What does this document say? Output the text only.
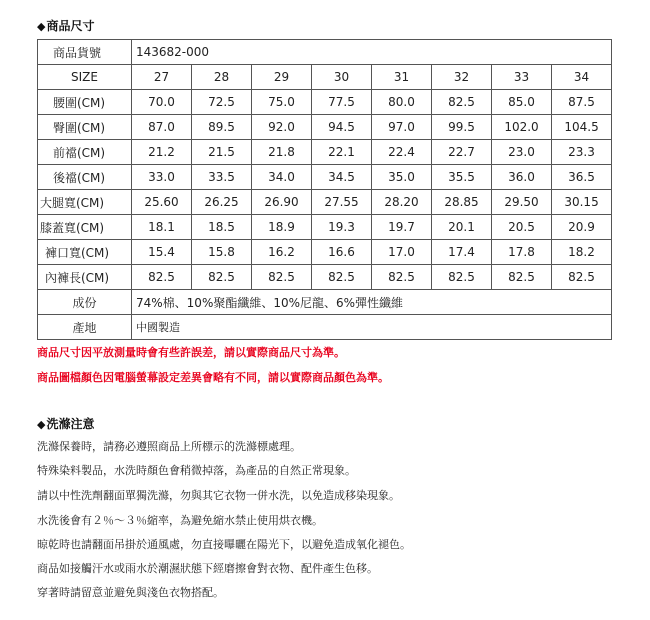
◆商品尺寸
商品貨號	143682-000							
SIZE	27	28	29	30	31	32	33	34
腰圍(CM)	70.0	72.5	75.0	77.5	80.0	82.5	85.0	87.5
臀圍(CM)	87.0	89.5	92.0	94.5	97.0	99.5	102.0	104.5
前襠(CM)	21.2	21.5	21.8	22.1	22.4	22.7	23.0	23.3
後襠(CM)	33.0	33.5	34.0	34.5	35.0	35.5	36.0	36.5
大腿寬(CM)	25.60	26.25	26.90	27.55	28.20	28.85	29.50	30.15
膝蓋寬(CM)	18.1	18.5	18.9	19.3	19.7	20.1	20.5	20.9
褲口寬(CM)	15.4	15.8	16.2	16.6	17.0	17.4	17.8	18.2
內褲長(CM)	82.5	82.5	82.5	82.5	82.5	82.5	82.5	82.5
成份	74%棉、10%聚酯纖維、10%尼龍、6%彈性纖維							
產地	中國製造							
商品尺寸因平放測量時會有些許誤差，請以實際商品尺寸為準。
商品圖檔顏色因電腦螢幕設定差異會略有不同，請以實際商品顏色為準。
◆洗滌注意
洗滌保養時，請務必遵照商品上所標示的洗滌標處理。
特殊染料製品，水洗時顏色會稍微掉落，為產品的自然正常現象。
請以中性洗劑翻面單獨洗滌，勿與其它衣物一併水洗，以免造成移染現象。
水洗後會有２％～３％縮率，為避免縮水禁止使用烘衣機。
晾乾時也請翻面吊掛於通風處，勿直接曝曬在陽光下，以避免造成氧化褪色。
商品如接觸汗水或雨水於潮濕狀態下經磨擦會對衣物、配件產生色移。
穿著時請留意並避免與淺色衣物搭配。
